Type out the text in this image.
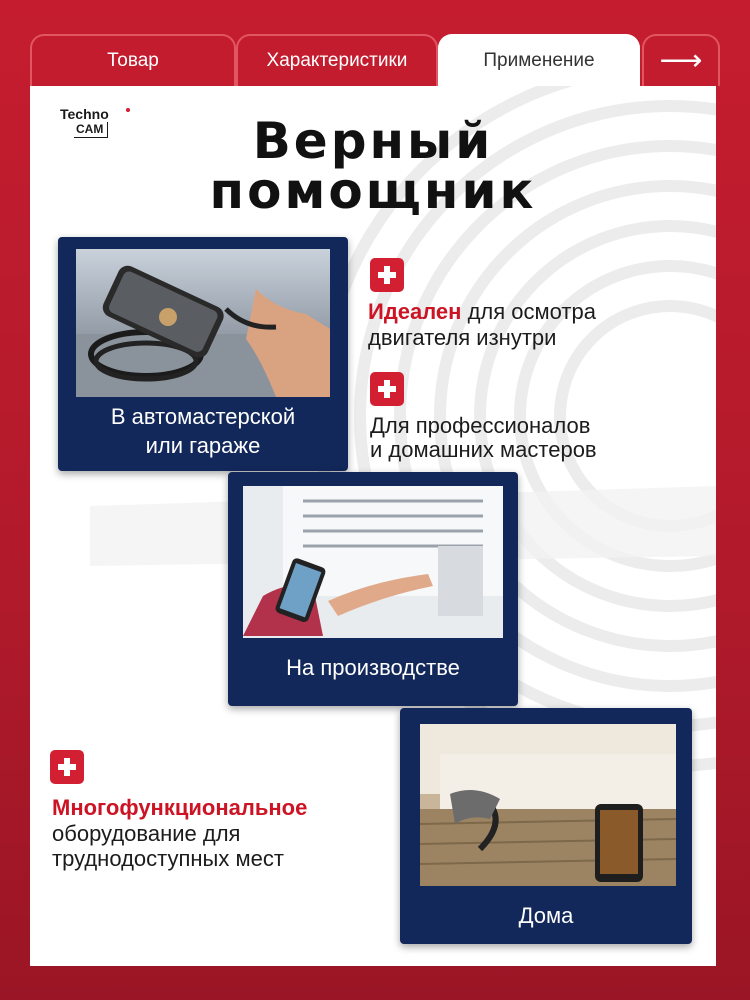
Товар	Характеристики	Применение ⟶
Techno
CAM	Верный
помощник
В автомастерской
или гараже
Идеален для осмотра
двигателя изнутри
Для профессионалов
и домашних мастеров
На производстве
Дома
Многофункциональное
оборудование для
труднодоступных мест
